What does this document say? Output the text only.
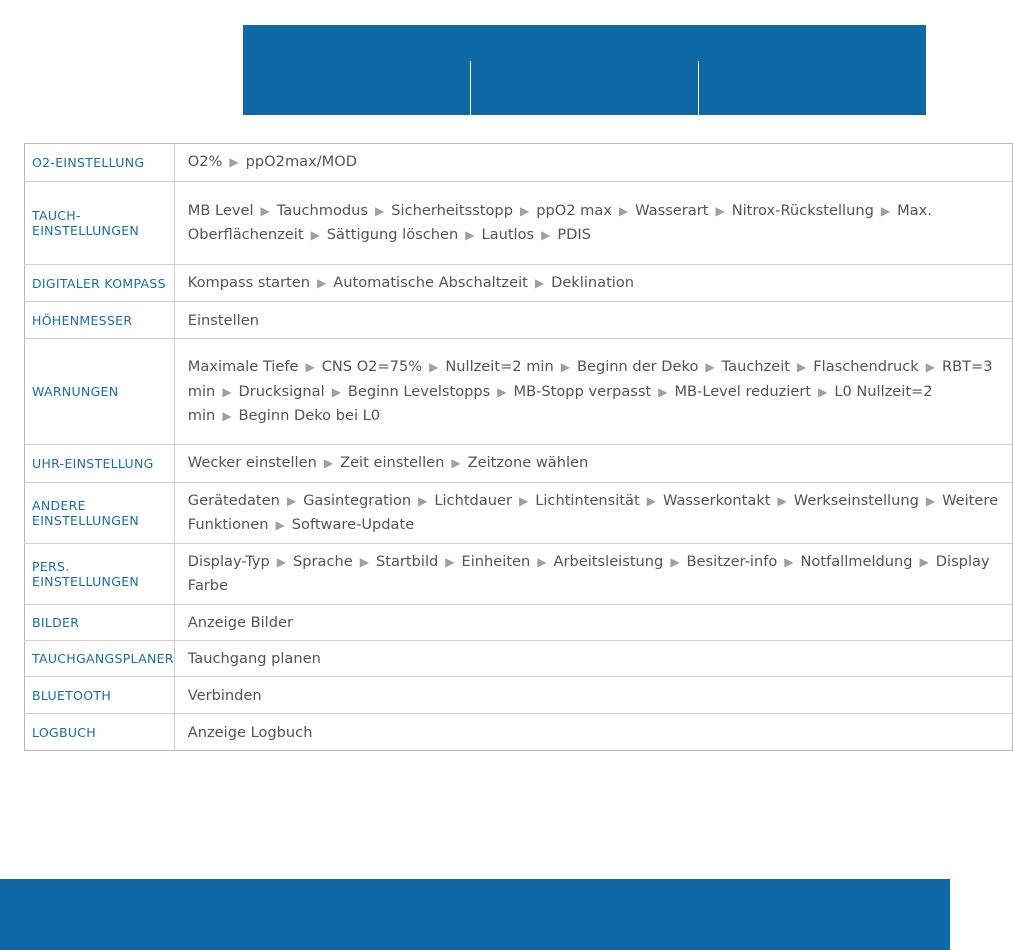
O2-EINSTELLUNG	O2% ▶ ppO2max/MOD
TAUCH-EINSTELLUNGEN	MB Level ▶ Tauchmodus ▶ Sicherheitsstopp ▶ ppO2 max ▶ Wasserart ▶ Nitrox-Rückstellung ▶ Max. Oberflächenzeit ▶ Sättigung löschen ▶ Lautlos ▶ PDIS
DIGITALER KOMPASS	Kompass starten ▶ Automatische Abschaltzeit ▶ Deklination
HÖHENMESSER	Einstellen
WARNUNGEN	Maximale Tiefe ▶ CNS O2=75% ▶ Nullzeit=2 min ▶ Beginn der Deko ▶ Tauchzeit ▶ Flaschendruck ▶ RBT=3 min ▶ Drucksignal ▶ Beginn Levelstopps ▶ MB-Stopp verpasst ▶ MB-Level reduziert ▶ L0 Nullzeit=2 min ▶ Beginn Deko bei L0
UHR-EINSTELLUNG	Wecker einstellen ▶ Zeit einstellen ▶ Zeitzone wählen
ANDERE EINSTELLUNGEN	Gerätedaten ▶ Gasintegration ▶ Lichtdauer ▶ Lichtintensität ▶ Wasserkontakt ▶ Werkseinstellung ▶ Weitere Funktionen ▶ Software-Update
PERS. EINSTELLUNGEN	Display-Typ ▶ Sprache ▶ Startbild ▶ Einheiten ▶ Arbeitsleistung ▶ Besitzer-info ▶ Notfallmeldung ▶ Display Farbe
BILDER	Anzeige Bilder
TAUCHGANGSPLANER	Tauchgang planen
BLUETOOTH	Verbinden
LOGBUCH	Anzeige Logbuch
